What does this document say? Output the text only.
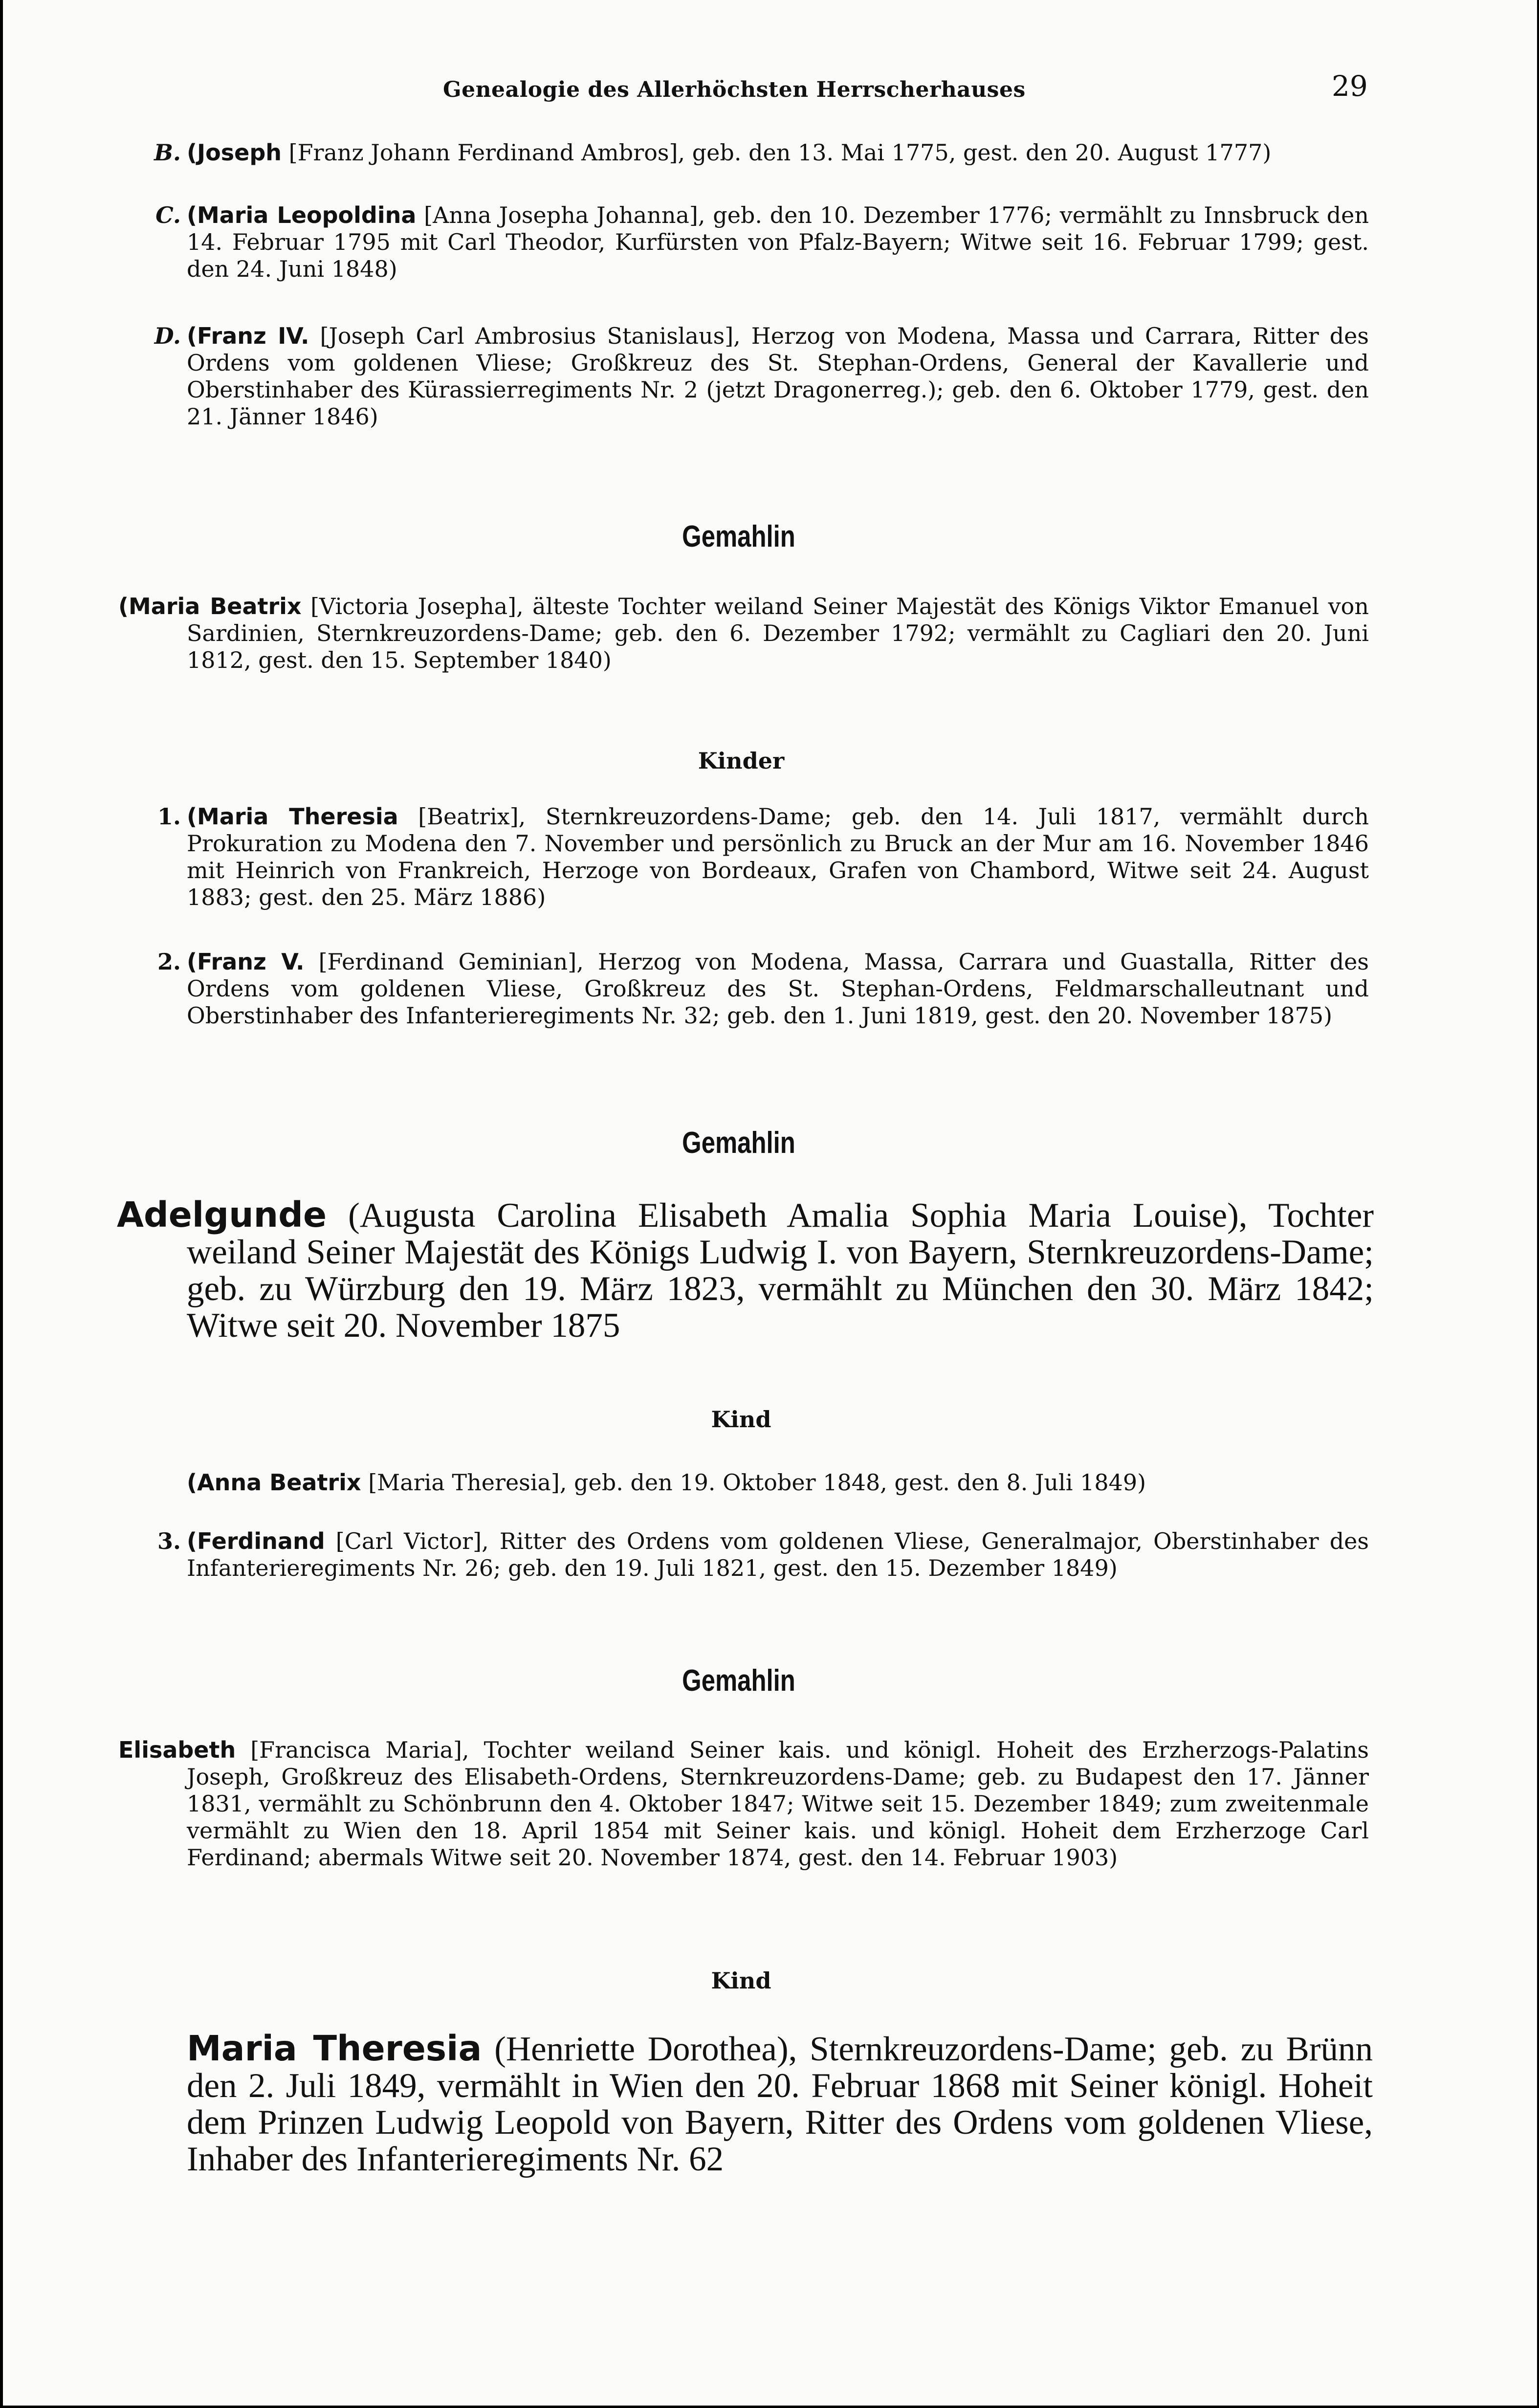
Genealogie des Allerhöchsten Herrscherhauses	29
B. (Joseph [Franz Johann Ferdinand Ambros], geb. den 13. Mai 1775, gest. den 20. August 1777)
C. (Maria Leopoldina [Anna Josepha Johanna], geb. den 10. Dezember 1776; vermählt zu Innsbruck den 14. Februar 1795 mit Carl Theodor, Kurfürsten von Pfalz-Bayern; Witwe seit 16. Februar 1799; gest. den 24. Juni 1848)
D. (Franz IV. [Joseph Carl Ambrosius Stanislaus], Herzog von Modena, Massa und Carrara, Ritter des Ordens vom goldenen Vliese; Großkreuz des St. Stephan-Ordens, General der Kavallerie und Oberstinhaber des Kürassierregiments Nr. 2 (jetzt Dragonerreg.); geb. den 6. Oktober 1779, gest. den 21. Jänner 1846)
Gemahlin
(Maria Beatrix [Victoria Josepha], älteste Tochter weiland Seiner Majestät des Königs Viktor Emanuel von Sardinien, Sternkreuzordens-Dame; geb. den 6. Dezember 1792; vermählt zu Cagliari den 20. Juni 1812, gest. den 15. September 1840)
Kinder
1. (Maria Theresia [Beatrix], Sternkreuzordens-Dame; geb. den 14. Juli 1817, vermählt durch Prokuration zu Modena den 7. November und persönlich zu Bruck an der Mur am 16. November 1846 mit Heinrich von Frankreich, Herzoge von Bordeaux, Grafen von Chambord, Witwe seit 24. August 1883; gest. den 25. März 1886)
2. (Franz V. [Ferdinand Geminian], Herzog von Modena, Massa, Carrara und Guastalla, Ritter des Ordens vom goldenen Vliese, Großkreuz des St. Stephan-Ordens, Feldmarschalleutnant und Oberstinhaber des Infanterieregiments Nr. 32; geb. den 1. Juni 1819, gest. den 20. November 1875)
Gemahlin
Adelgunde (Augusta Carolina Elisabeth Amalia Sophia Maria Louise), Tochter weiland Seiner Majestät des Königs Ludwig I. von Bayern, Sternkreuzordens-Dame; geb. zu Würzburg den 19. März 1823, vermählt zu München den 30. März 1842; Witwe seit 20. November 1875
Kind
(Anna Beatrix [Maria Theresia], geb. den 19. Oktober 1848, gest. den 8. Juli 1849)
3. (Ferdinand [Carl Victor], Ritter des Ordens vom goldenen Vliese, Generalmajor, Oberstinhaber des Infanterieregiments Nr. 26; geb. den 19. Juli 1821, gest. den 15. Dezember 1849)
Gemahlin
Elisabeth [Francisca Maria], Tochter weiland Seiner kais. und königl. Hoheit des Erzherzogs-Palatins Joseph, Großkreuz des Elisabeth-Ordens, Sternkreuzordens-Dame; geb. zu Budapest den 17. Jänner 1831, vermählt zu Schönbrunn den 4. Oktober 1847; Witwe seit 15. Dezember 1849; zum zweitenmale vermählt zu Wien den 18. April 1854 mit Seiner kais. und königl. Hoheit dem Erzherzoge Carl Ferdinand; abermals Witwe seit 20. November 1874, gest. den 14. Februar 1903)
Kind
Maria Theresia (Henriette Dorothea), Sternkreuzordens-Dame; geb. zu Brünn den 2. Juli 1849, vermählt in Wien den 20. Februar 1868 mit Seiner königl. Hoheit dem Prinzen Ludwig Leopold von Bayern, Ritter des Ordens vom goldenen Vliese, Inhaber des Infanterieregiments Nr. 62
